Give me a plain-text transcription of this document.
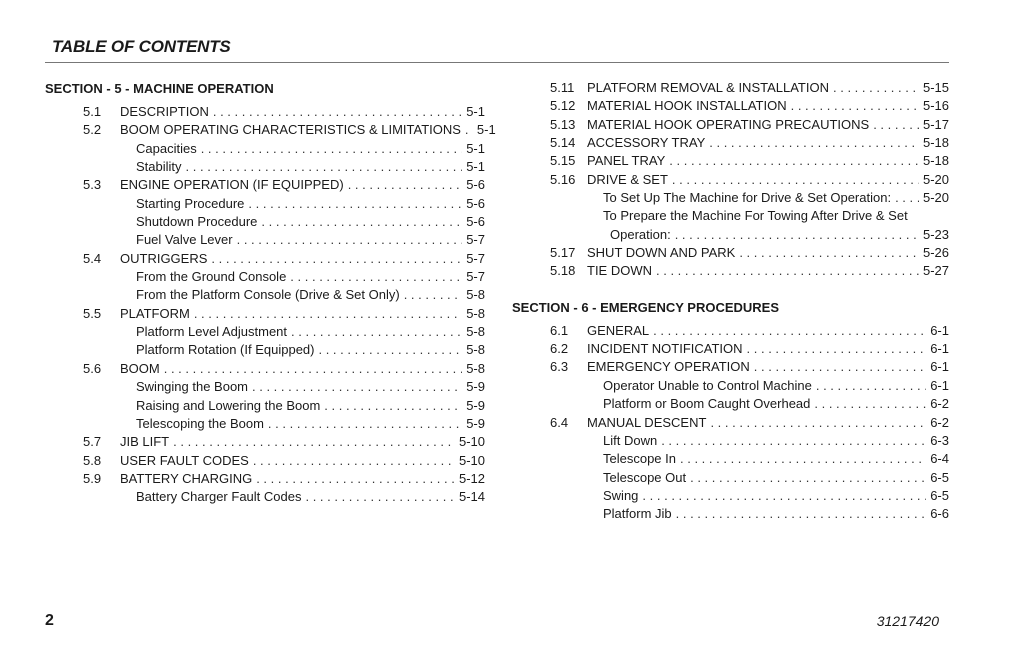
TABLE OF CONTENTS
SECTION - 5 - MACHINE OPERATION
5.1	DESCRIPTION . . .	5-1
5.2	BOOM OPERATING CHARACTERISTICS & LIMITATIONS . . . 5-1
Capacities . . .	5-1
Stability . . .	5-1
5.3	ENGINE OPERATION (IF EQUIPPED) . . .	5-6
Starting Procedure . . .	5-6
Shutdown Procedure . . .	5-6
Fuel Valve Lever . . .	5-7
5.4	OUTRIGGERS . . .	5-7
From the Ground Console . . .	5-7
From the Platform Console (Drive & Set Only) . . .	5-8
5.5	PLATFORM . . .	5-8
Platform Level Adjustment . . .	5-8
Platform Rotation (If Equipped) . . .	5-8
5.6	BOOM . . .	5-8
Swinging the Boom . . .	5-9
Raising and Lowering the Boom . . .	5-9
Telescoping the Boom . . .	5-9
5.7	JIB LIFT . . .	5-10
5.8	USER FAULT CODES . . .	5-10
5.9	BATTERY CHARGING . . .	5-12
Battery Charger Fault Codes . . .	5-14
5.11 PLATFORM REMOVAL & INSTALLATION . . .	5-15
5.12 MATERIAL HOOK INSTALLATION . . .	5-16
5.13 MATERIAL HOOK OPERATING PRECAUTIONS . . .	5-17
5.14 ACCESSORY TRAY . . .	5-18
5.15 PANEL TRAY . . .	5-18
5.16 DRIVE & SET . . .	5-20
To Set Up The Machine for Drive & Set Operation: . . . 5-20
To Prepare the Machine For Towing After Drive & Set
Operation: . . .	5-23
5.17 SHUT DOWN AND PARK . . .	5-26
5.18 TIE DOWN . . .	5-27
SECTION - 6 - EMERGENCY PROCEDURES
6.1	GENERAL . . .	6-1
6.2	INCIDENT NOTIFICATION . . .	6-1
6.3	EMERGENCY OPERATION . . .	6-1
Operator Unable to Control Machine . . .	6-1
Platform or Boom Caught Overhead . . .	6-2
6.4	MANUAL DESCENT . . .	6-2
Lift Down . . .	6-3
Telescope In . . .	6-4
Telescope Out . . .	6-5
Swing . . .	6-5
Platform Jib . . .	6-6
2	31217420
